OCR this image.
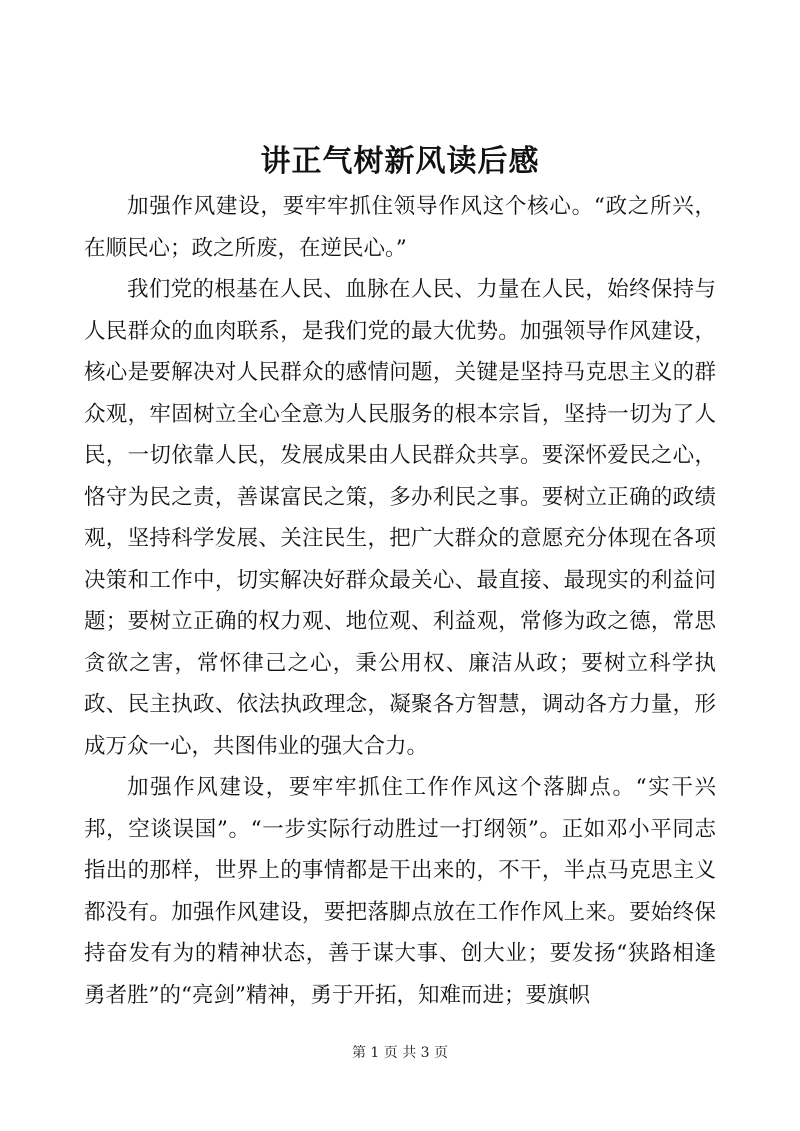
讲正气树新风读后感

加强作风建设，要牢牢抓住领导作风这个核心。“政之所兴，在顺民心；政之所废，在逆民心。”

我们党的根基在人民、血脉在人民、力量在人民，始终保持与人民群众的血肉联系，是我们党的最大优势。加强领导作风建设，核心是要解决对人民群众的感情问题，关键是坚持马克思主义的群众观，牢固树立全心全意为人民服务的根本宗旨，坚持一切为了人民，一切依靠人民，发展成果由人民群众共享。要深怀爱民之心，恪守为民之责，善谋富民之策，多办利民之事。要树立正确的政绩观，坚持科学发展、关注民生，把广大群众的意愿充分体现在各项决策和工作中，切实解决好群众最关心、最直接、最现实的利益问题；要树立正确的权力观、地位观、利益观，常修为政之德，常思贪欲之害，常怀律己之心，秉公用权、廉洁从政；要树立科学执政、民主执政、依法执政理念，凝聚各方智慧，调动各方力量，形成万众一心，共图伟业的强大合力。

加强作风建设，要牢牢抓住工作作风这个落脚点。“实干兴邦，空谈误国”。“一步实际行动胜过一打纲领”。正如邓小平同志指出的那样，世界上的事情都是干出来的，不干，半点马克思主义都没有。加强作风建设，要把落脚点放在工作作风上来。要始终保持奋发有为的精神状态，善于谋大事、创大业；要发扬“狭路相逢勇者胜”的“亮剑”精神，勇于开拓，知难而进；要旗帜

第 1 页 共 3 页
